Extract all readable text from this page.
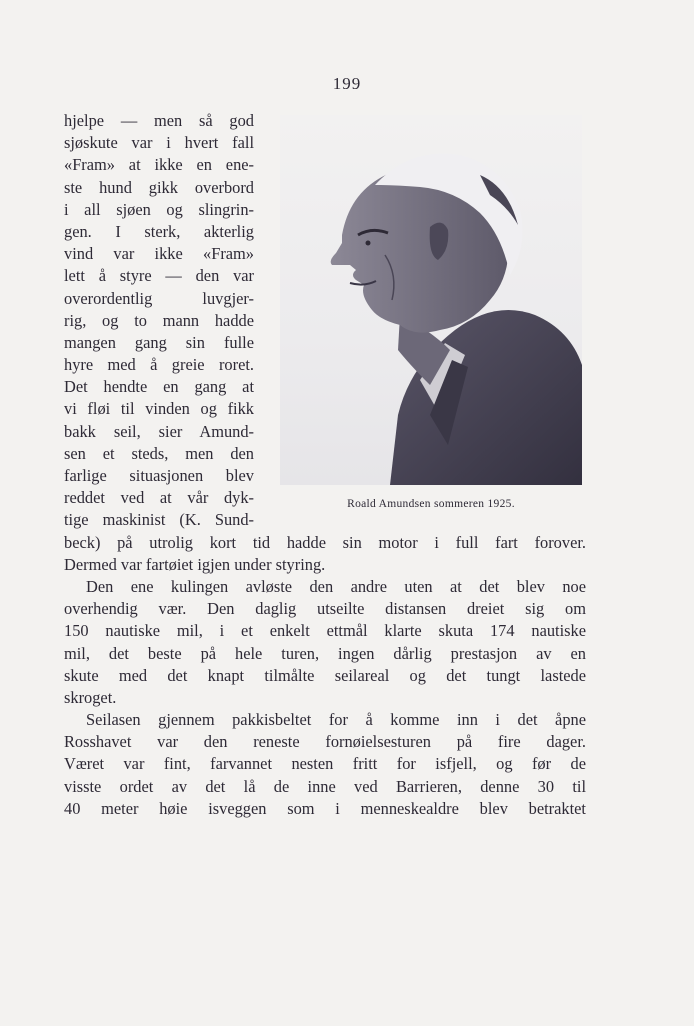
199
Roald Amundsen sommeren 1925.
hjelpe — men så god
sjøskute var i hvert fall
«Fram» at ikke en ene-
ste hund gikk overbord
i all sjøen og slingrin-
gen. I sterk, akterlig
vind var ikke «Fram»
lett å styre — den var
overordentlig luvgjer-
rig, og to mann hadde
mangen gang sin fulle
hyre med å greie roret.
Det hendte en gang at
vi fløi til vinden og fikk
bakk seil, sier Amund-
sen et steds, men den
farlige situasjonen blev
reddet ved at vår dyk-
tige maskinist (K. Sund-
beck) på utrolig kort tid hadde sin motor i full fart forover.
Dermed var fartøiet igjen under styring.
Den ene kulingen avløste den andre uten at det blev noe
overhendig vær. Den daglig utseilte distansen dreiet sig om
150 nautiske mil, i et enkelt ettmål klarte skuta 174 nautiske
mil, det beste på hele turen, ingen dårlig prestasjon av en
skute med det knapt tilmålte seilareal og det tungt lastede
skroget.
Seilasen gjennem pakkisbeltet for å komme inn i det åpne
Rosshavet var den reneste fornøielsesturen på fire dager.
Været var fint, farvannet nesten fritt for isfjell, og før de
visste ordet av det lå de inne ved Barrieren, denne 30 til
40 meter høie isveggen som i menneskealdre blev betraktet
